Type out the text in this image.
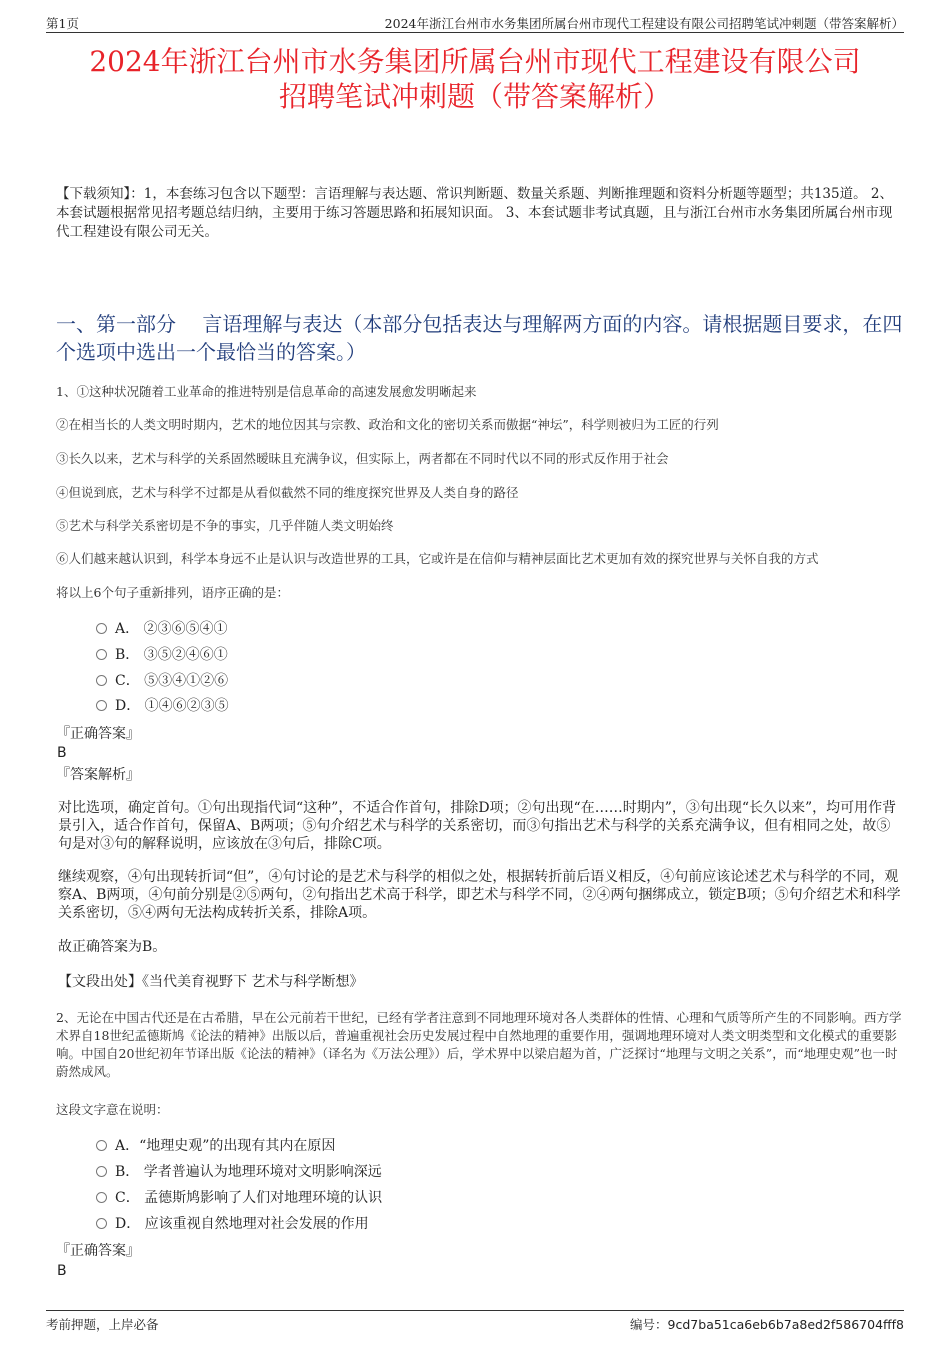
第1页	2024年浙江台州市水务集团所属台州市现代工程建设有限公司招聘笔试冲刺题（带答案解析）
2024年浙江台州市水务集团所属台州市现代工程建设有限公司
招聘笔试冲刺题（带答案解析）
【下载须知】：1，本套练习包含以下题型：言语理解与表达题、常识判断题、数量关系题、判断推理题和资料分析题等题型；共135道。 2、本套试题根据常见招考题总结归纳，主要用于练习答题思路和拓展知识面。 3、本套试题非考试真题，且与浙江台州市水务集团所属台州市现代工程建设有限公司无关。
一、第一部分　 言语理解与表达（本部分包括表达与理解两方面的内容。请根据题目要求，在四个选项中选出一个最恰当的答案。）
1、①这种状况随着工业革命的推进特别是信息革命的高速发展愈发明晰起来
②在相当长的人类文明时期内，艺术的地位因其与宗教、政治和文化的密切关系而傲据“神坛”，科学则被归为工匠的行列
③长久以来，艺术与科学的关系固然暧昧且充满争议，但实际上，两者都在不同时代以不同的形式反作用于社会
④但说到底，艺术与科学不过都是从看似截然不同的维度探究世界及人类自身的路径
⑤艺术与科学关系密切是不争的事实，几乎伴随人类文明始终
⑥人们越来越认识到，科学本身远不止是认识与改造世界的工具，它或许是在信仰与精神层面比艺术更加有效的探究世界与关怀自我的方式
将以上6个句子重新排列，语序正确的是：
A． ②③⑥⑤④①
B． ③⑤②④⑥①
C． ⑤③④①②⑥
D． ①④⑥②③⑤
『正确答案』
B
『答案解析』
对比选项，确定首句。①句出现指代词“这种”，不适合作首句，排除D项；②句出现“在……时期内”，③句出现“长久以来”，均可用作背景引入，适合作首句，保留A、B两项；⑤句介绍艺术与科学的关系密切，而③句指出艺术与科学的关系充满争议，但有相同之处，故⑤句是对③句的解释说明，应该放在③句后，排除C项。
继续观察，④句出现转折词“但”，④句讨论的是艺术与科学的相似之处，根据转折前后语义相反，④句前应该论述艺术与科学的不同，观察A、B两项，④句前分别是②⑤两句，②句指出艺术高于科学，即艺术与科学不同，②④两句捆绑成立，锁定B项；⑤句介绍艺术和科学关系密切，⑤④两句无法构成转折关系，排除A项。
故正确答案为B。
【文段出处】《当代美育视野下 艺术与科学断想》
2、无论在中国古代还是在古希腊，早在公元前若干世纪，已经有学者注意到不同地理环境对各人类群体的性情、心理和气质等所产生的不同影响。西方学术界自18世纪孟德斯鸠《论法的精神》出版以后，普遍重视社会历史发展过程中自然地理的重要作用，强调地理环境对人类文明类型和文化模式的重要影响。中国自20世纪初年节译出版《论法的精神》（译名为《万法公理》）后，学术界中以梁启超为首，广泛探讨“地理与文明之关系”，而“地理史观”也一时蔚然成风。
这段文字意在说明：
A．“地理史观”的出现有其内在原因
B． 学者普遍认为地理环境对文明影响深远
C． 孟德斯鸠影响了人们对地理环境的认识
D． 应该重视自然地理对社会发展的作用
『正确答案』
B
考前押题，上岸必备	编号：9cd7ba51ca6eb6b7a8ed2f586704fff8
